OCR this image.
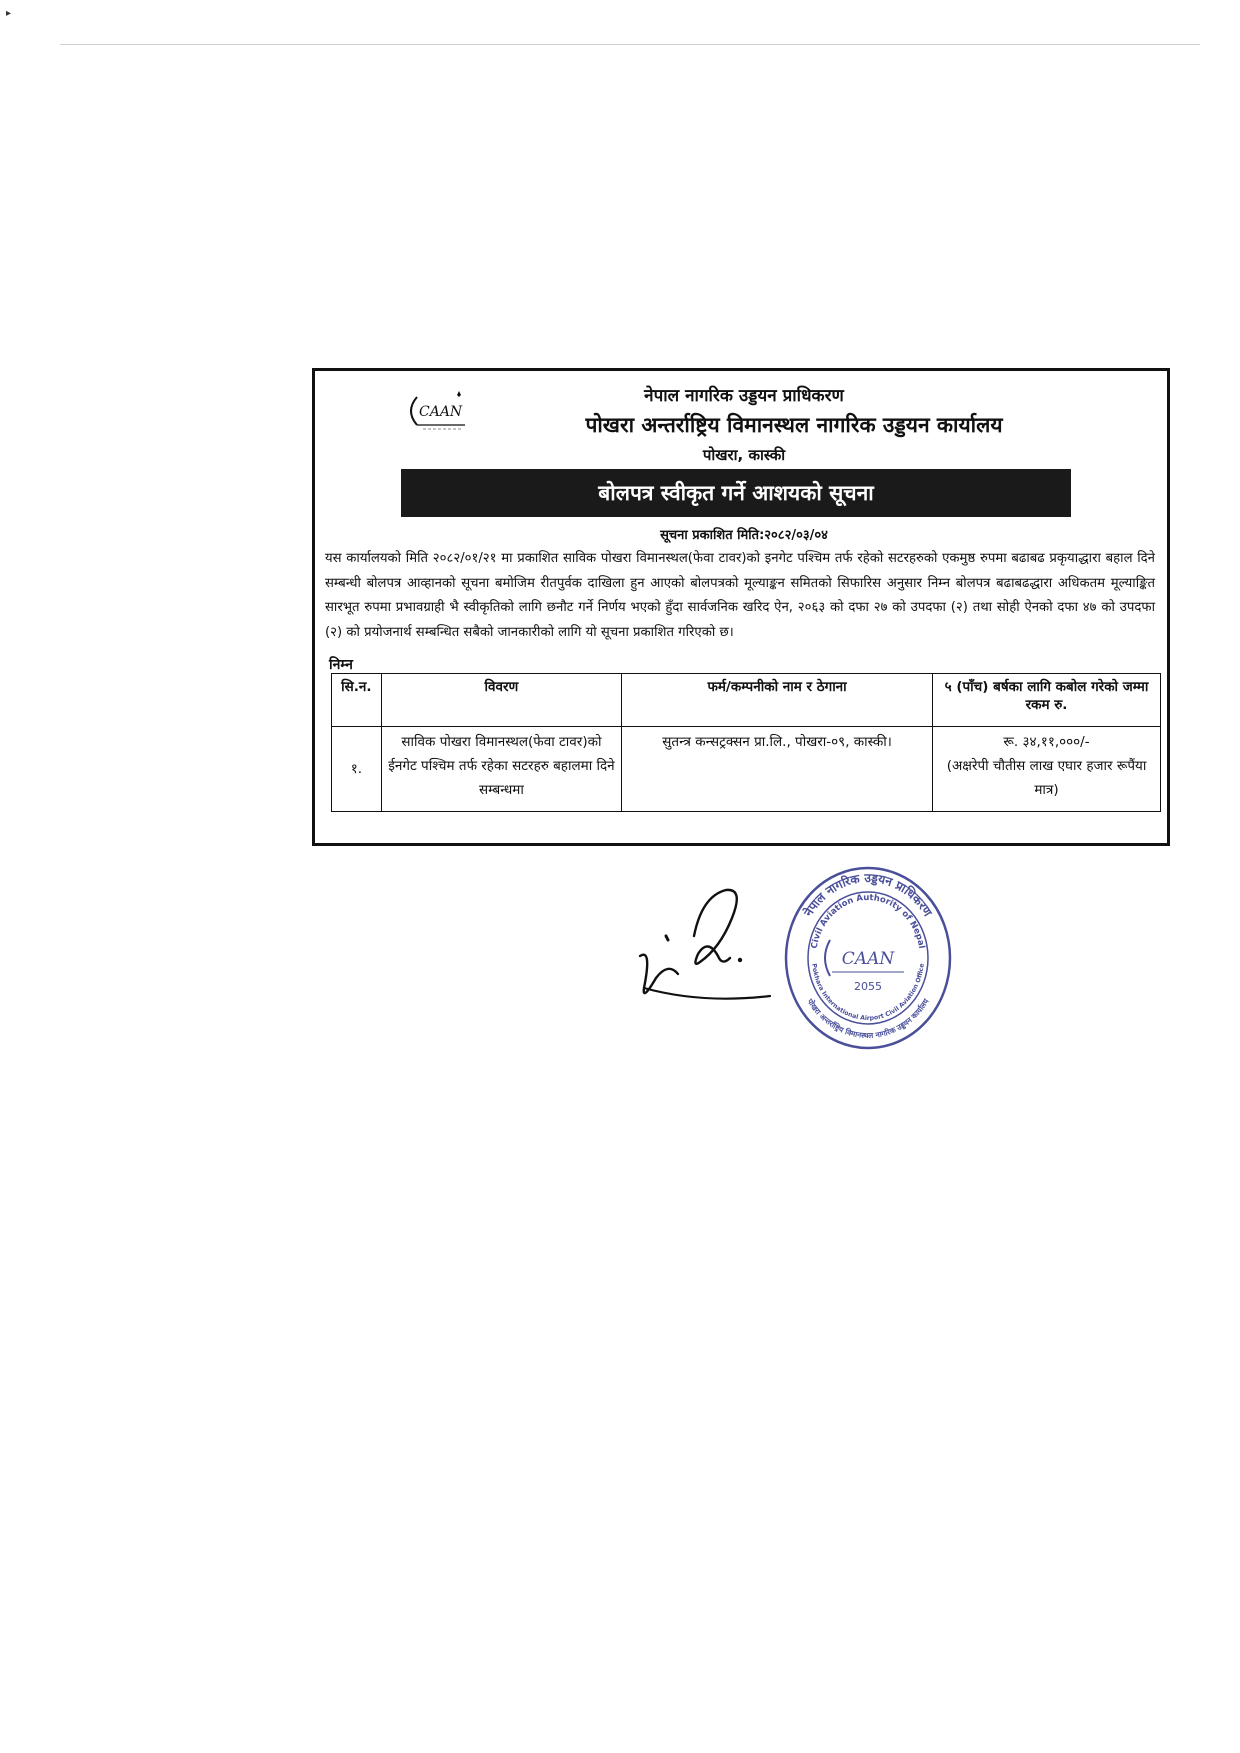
▸
CAAN
नेपाल नागरिक उड्डयन प्राधिकरण
पोखरा अन्तर्राष्ट्रिय विमानस्थल नागरिक उड्डयन कार्यालय
पोखरा, कास्की
बोलपत्र स्वीकृत गर्ने आशयको सूचना
सूचना प्रकाशित मिति:२०८२/०३/०४
यस कार्यालयको मिति २०८२/०१/२१ मा प्रकाशित साविक पोखरा विमानस्थल(फेवा टावर)को इनगेट पश्चिम तर्फ रहेको सटरहरुको एकमुष्ठ रुपमा बढाबढ प्रकृयाद्धारा बहाल दिने सम्बन्धी बोलपत्र आव्हानको सूचना बमोजिम रीतपुर्वक दाखिला हुन आएको बोलपत्रको मूल्याङ्कन समितको सिफारिस अनुसार निम्न बोलपत्र बढाबढद्धारा अधिकतम मूल्याङ्कित सारभूत रुपमा प्रभावग्राही भै स्वीकृतिको लागि छनौट गर्ने निर्णय भएको हुँदा सार्वजनिक खरिद ऐन, २०६३ को दफा २७ को उपदफा (२) तथा सोही ऐनको दफा ४७ को उपदफा (२) को प्रयोजनार्थ सम्बन्धित सबैको जानकारीको लागि यो सूचना प्रकाशित गरिएको छ।
निम्न
सि.न.	विवरण	फर्म/कम्पनीको नाम र ठेगाना	५ (पाँच) बर्षका लागि कबोल गरेको जम्मा रकम रु.
१.	साविक पोखरा विमानस्थल(फेवा टावर)को ईनगेट पश्चिम तर्फ रहेका सटरहरु बहालमा दिने सम्बन्धमा	सुतन्त्र कन्सट्रक्सन प्रा.लि., पोखरा-०९, कास्की।	रू. ३४,११,०००/-
(अक्षरेपी चौतीस लाख एघार हजार रूपैंया मात्र)
नेपाल नागरिक उड्डयन प्राधिकरण
Civil Aviation Authority of Nepal
Pokhara International Airport Civil Aviation Office
पोखरा अन्तर्राष्ट्रिय विमानस्थल नागरिक उड्डयन कार्यालय
CAAN
2055
